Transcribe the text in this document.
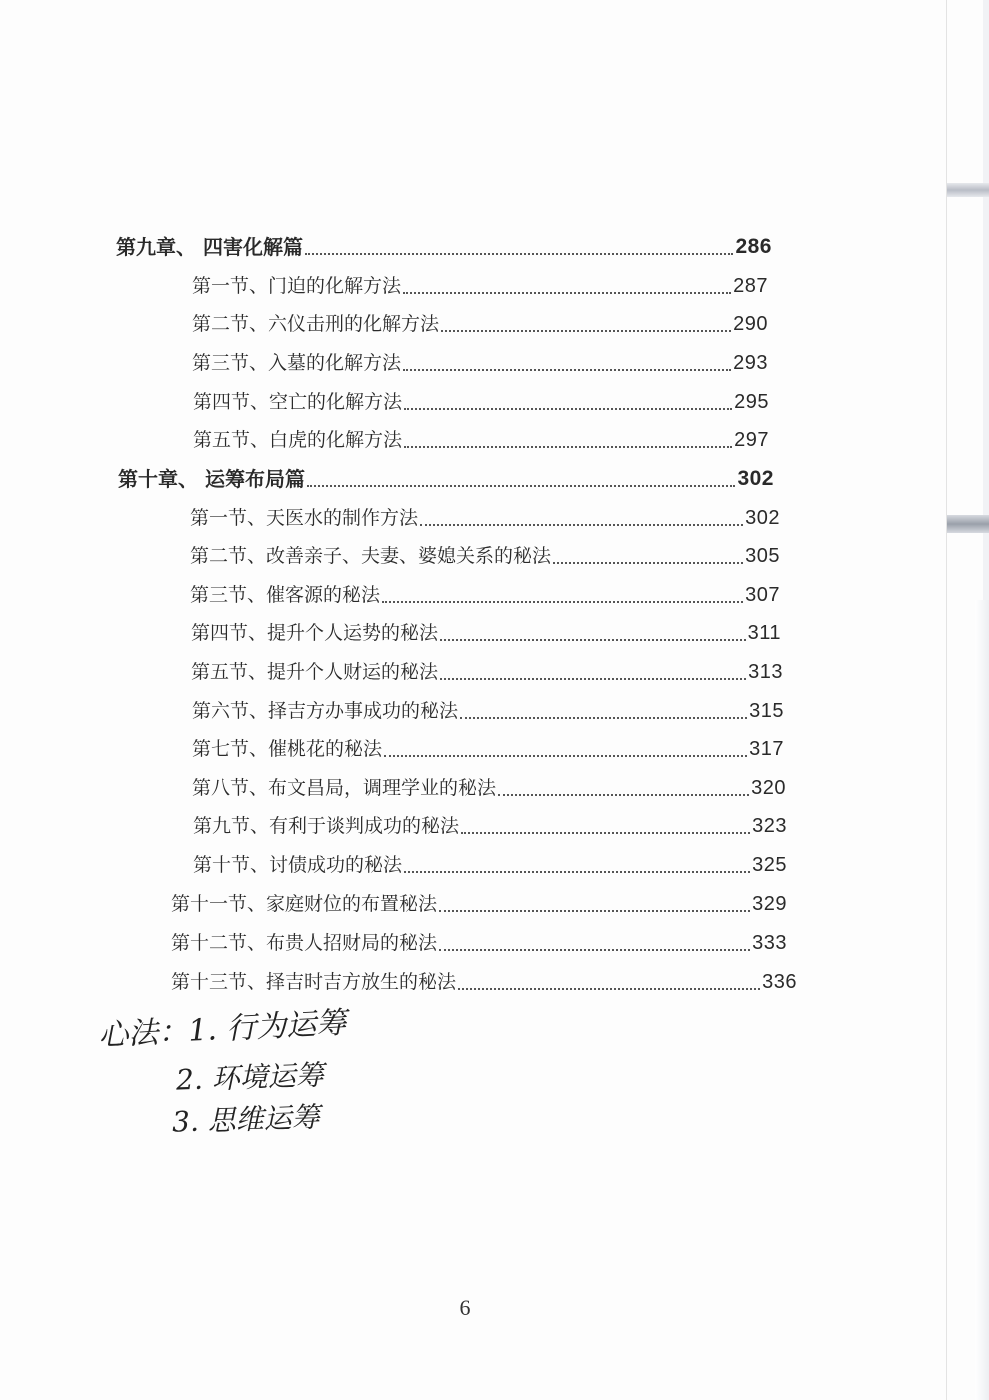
第九章、 四害化解篇	286
第一节、门迫的化解方法	287
第二节、六仪击刑的化解方法	290
第三节、入墓的化解方法	293
第四节、空亡的化解方法	295
第五节、白虎的化解方法	297
第十章、 运筹布局篇	302
第一节、天医水的制作方法	302
第二节、改善亲子、夫妻、婆媳关系的秘法	305
第三节、催客源的秘法	307
第四节、提升个人运势的秘法	311
第五节、提升个人财运的秘法	313
第六节、择吉方办事成功的秘法	315
第七节、催桃花的秘法	317
第八节、布文昌局，调理学业的秘法	320
第九节、有利于谈判成功的秘法	323
第十节、讨债成功的秘法	325
第十一节、家庭财位的布置秘法	329
第十二节、布贵人招财局的秘法	333
第十三节、择吉时吉方放生的秘法	336
心法：1. 行为运筹
2. 环境运筹
3. 思维运筹
6
